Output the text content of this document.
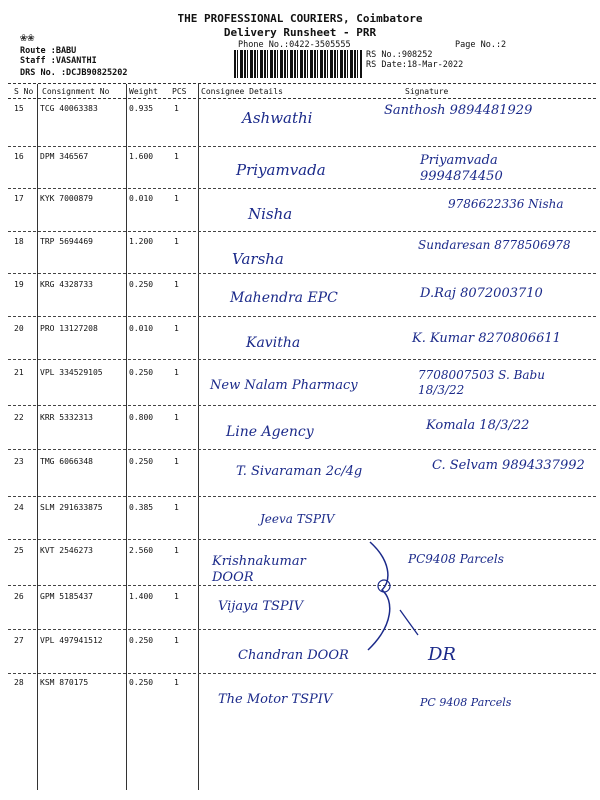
THE PROFESSIONAL COURIERS, Coimbatore
Delivery Runsheet - PRR
❀❀
Phone No.:0422-3505555	Page No.:2
Route :BABU
Staff :VASANTHI
DRS No. :DCJB90825202
RS No.:908252
RS Date:18-Mar-2022
S No Consignment No Weight PCS Consignee Details	Signature
15 TCG 40063383	0.935	1
Ashwathi	Santhosh 9894481929
16 DPM 346567	1.600	1
Priyamvada
Priyamvada 9994874450
17 KYK 7000879	0.010	1
Nisha
9786622336 Nisha
18 TRP 5694469	1.200	1
Varsha
Sundaresan 8778506978
19 KRG 4328733	0.250	1
Mahendra EPC	D.Raj 8072003710
20 PRO 13127208	0.010	1
Kavitha	K. Kumar 8270806611
21 VPL 334529105	0.250	1
New Nalam Pharmacy
7708007503 S. Babu 18/3/22
22 KRR 5332313	0.800	1
Line Agency	Komala 18/3/22
23 TMG 6066348	0.250	1
T. Sivaraman 2c/4g	C. Selvam 9894337992
24 SLM 291633875	0.385	1
Jeeva TSPIV
25 KVT 2546273	2.560	1
Krishnakumar DOOR
PC9408 Parcels
26 GPM 5185437	1.400	1
Vijaya TSPIV
27 VPL 497941512	0.250	1
Chandran DOOR	DR
28 KSM 870175	0.250	1
The Motor TSPIV	PC 9408 Parcels
